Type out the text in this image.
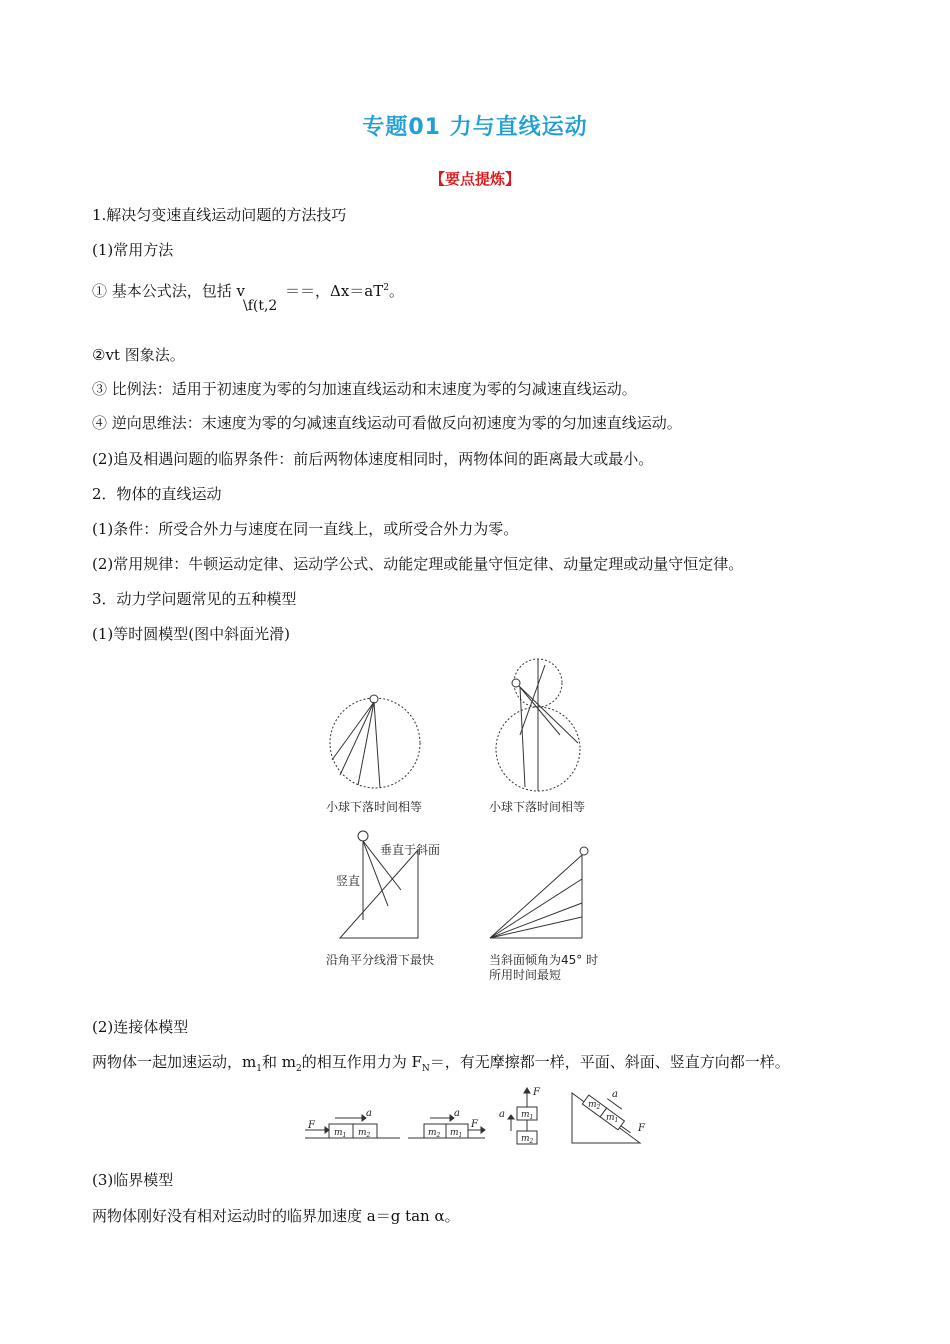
专题01 力与直线运动
【要点提炼】
1.解决匀变速直线运动问题的方法技巧
(1)常用方法
① 基本公式法，包括 v	＝＝，$\Delta x=aT^2$。
\f(t,2
②vt 图象法。
③ 比例法：适用于初速度为零的匀加速直线运动和末速度为零的匀减速直线运动。
④ 逆向思维法：末速度为零的匀减速直线运动可看做反向初速度为零的匀加速直线运动。
(2)追及相遇问题的临界条件：前后两物体速度相同时，两物体间的距离最大或最小。
2．物体的直线运动
(1)条件：所受合外力与速度在同一直线上，或所受合外力为零。
(2)常用规律：牛顿运动定律、运动学公式、动能定理或能量守恒定律、动量定理或动量守恒定律。
3．动力学问题常见的五种模型
(1)等时圆模型(图中斜面光滑)
小球下落时间相等	小球下落时间相等
垂直于斜面
竖直
沿角平分线滑下最快	当斜面倾角为45° 时
所用时间最短
(2)连接体模型
两物体一起加速运动，$m_1$和 $m_2$的相互作用力为 $F_N=$，有无摩擦都一样，平面、斜面、竖直方向都一样。
F
a
$m_1$ $m_2$
a
F
$m_2$ $m_1$
F
a $m_1$
$m_2$
a
F
$m_2$
$m_1$
(3)临界模型
两物体刚好没有相对运动时的临界加速度 a＝g tan α。
